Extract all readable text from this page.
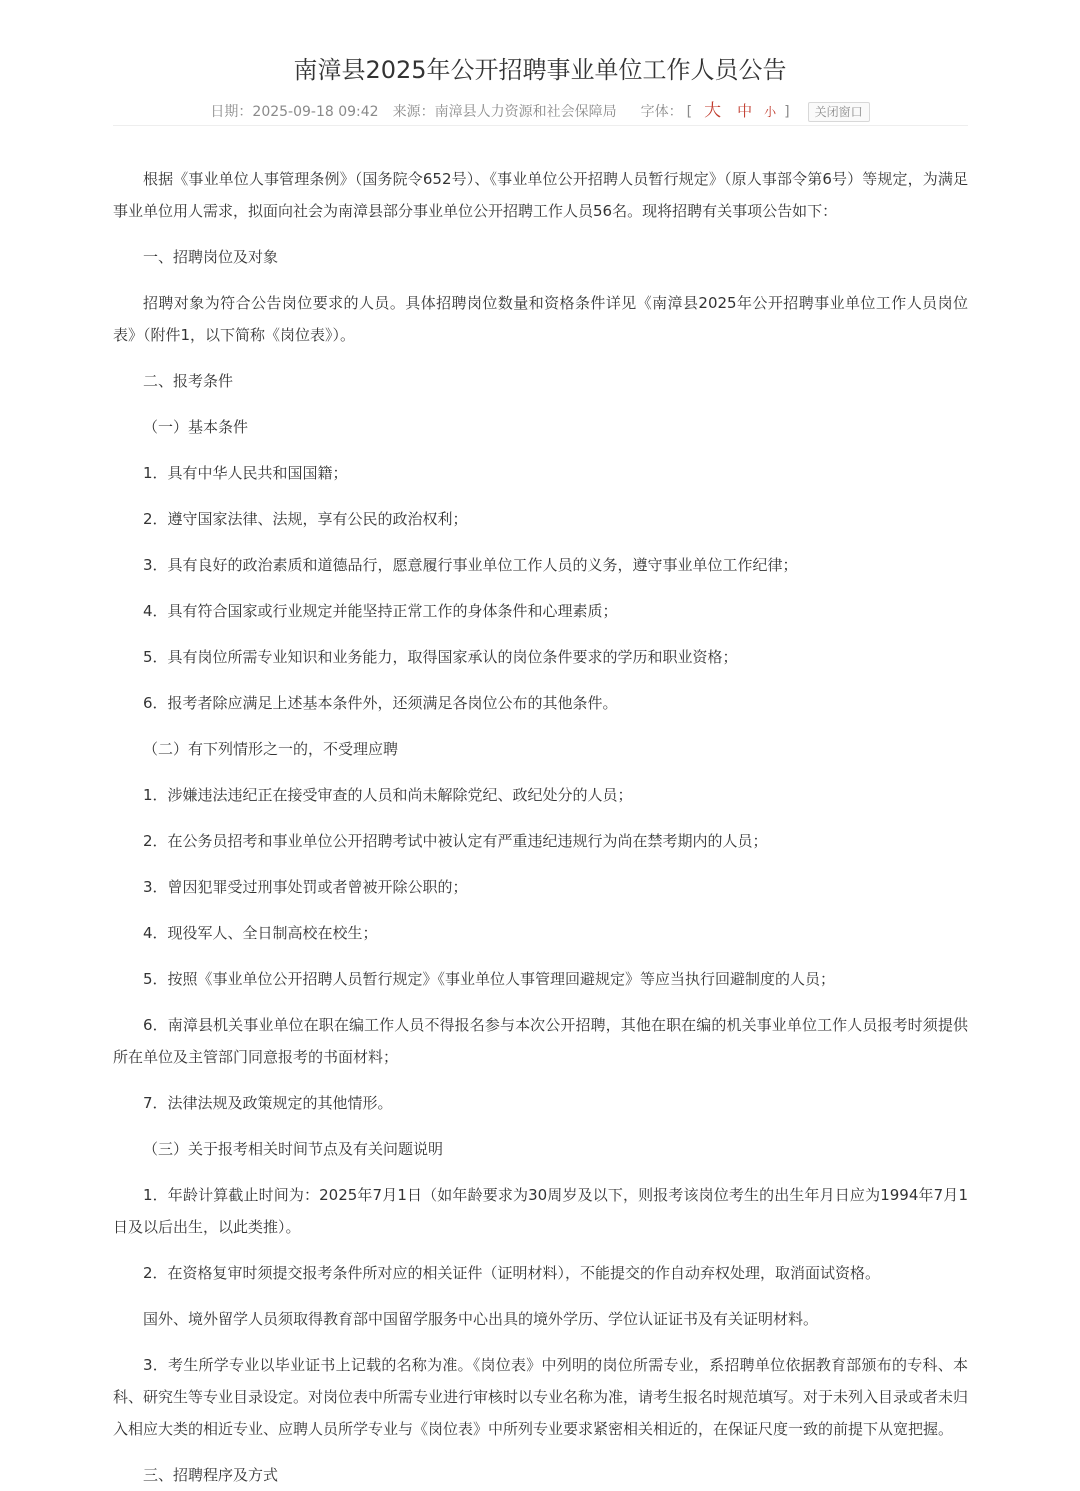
南漳县2025年公开招聘事业单位工作人员公告
日期：2025-09-18 09:42 来源：南漳县人力资源和社会保障局 字体： [ 大 中 小 ] 关闭窗口

根据《事业单位人事管理条例》（国务院令652号）、《事业单位公开招聘人员暂行规定》（原人事部令第6号）等规定，为满足事业单位用人需求，拟面向社会为南漳县部分事业单位公开招聘工作人员56名。现将招聘有关事项公告如下：

一、招聘岗位及对象

招聘对象为符合公告岗位要求的人员。具体招聘岗位数量和资格条件详见《南漳县2025年公开招聘事业单位工作人员岗位表》（附件1，以下简称《岗位表》）。

二、报考条件

（一）基本条件

1．具有中华人民共和国国籍；

2．遵守国家法律、法规，享有公民的政治权利；

3．具有良好的政治素质和道德品行，愿意履行事业单位工作人员的义务，遵守事业单位工作纪律；

4．具有符合国家或行业规定并能坚持正常工作的身体条件和心理素质；

5．具有岗位所需专业知识和业务能力，取得国家承认的岗位条件要求的学历和职业资格；

6．报考者除应满足上述基本条件外，还须满足各岗位公布的其他条件。

（二）有下列情形之一的，不受理应聘

1．涉嫌违法违纪正在接受审查的人员和尚未解除党纪、政纪处分的人员；

2．在公务员招考和事业单位公开招聘考试中被认定有严重违纪违规行为尚在禁考期内的人员；

3．曾因犯罪受过刑事处罚或者曾被开除公职的；

4．现役军人、全日制高校在校生；

5．按照《事业单位公开招聘人员暂行规定》《事业单位人事管理回避规定》等应当执行回避制度的人员；

6．南漳县机关事业单位在职在编工作人员不得报名参与本次公开招聘，其他在职在编的机关事业单位工作人员报考时须提供所在单位及主管部门同意报考的书面材料；

7．法律法规及政策规定的其他情形。

（三）关于报考相关时间节点及有关问题说明

1．年龄计算截止时间为：2025年7月1日（如年龄要求为30周岁及以下，则报考该岗位考生的出生年月日应为1994年7月1日及以后出生，以此类推）。

2．在资格复审时须提交报考条件所对应的相关证件（证明材料），不能提交的作自动弃权处理，取消面试资格。

国外、境外留学人员须取得教育部中国留学服务中心出具的境外学历、学位认证证书及有关证明材料。

3．考生所学专业以毕业证书上记载的名称为准。《岗位表》中列明的岗位所需专业，系招聘单位依据教育部颁布的专科、本科、研究生等专业目录设定。对岗位表中所需专业进行审核时以专业名称为准，请考生报名时规范填写。对于未列入目录或者未归入相应大类的相近专业、应聘人员所学专业与《岗位表》中所列专业要求紧密相关相近的，在保证尺度一致的前提下从宽把握。

三、招聘程序及方式
